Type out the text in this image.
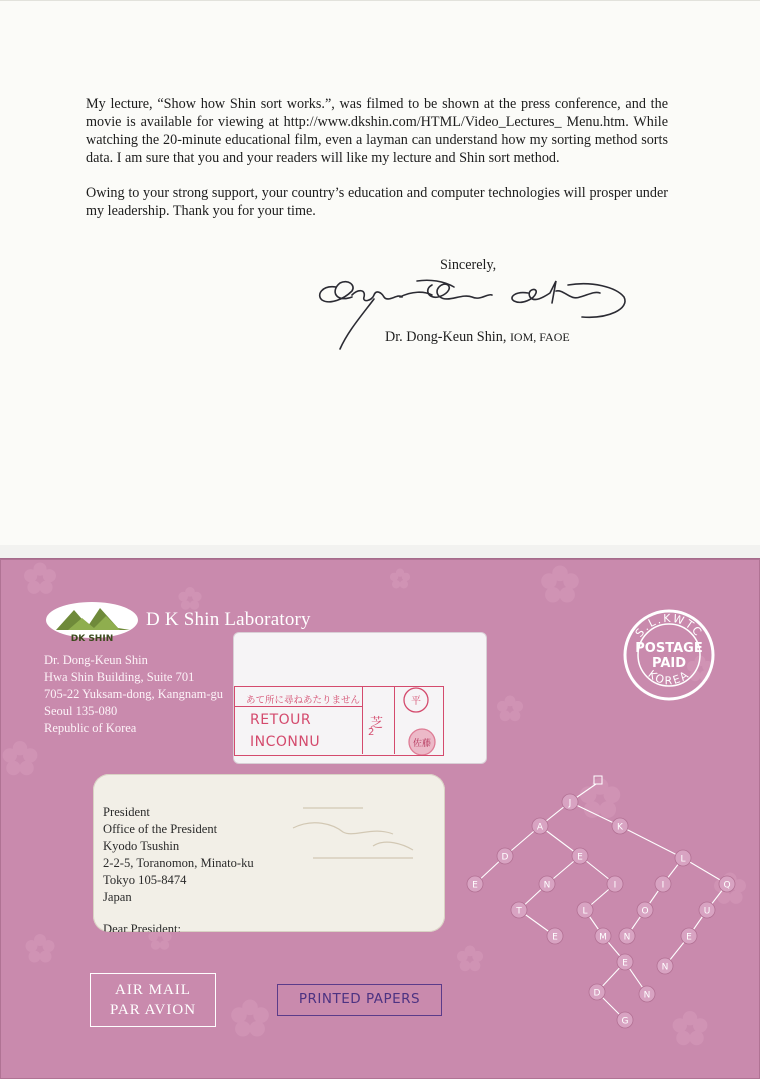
My lecture, “Show how Shin sort works.”, was filmed to be shown at the press conference, and the movie is available for viewing at http://www.dkshin.com/HTML/Video_Lectures_ Menu.htm. While watching the 20-minute educational film, even a layman can understand how my sorting method sorts data. I am sure that you and your readers will like my lecture and Shin sort method.

Owing to your strong support, your country’s education and computer technologies will prosper under my leadership. Thank you for your time.

Sincerely,
Dr. Dong-Keun Shin, IOM, FAOE
DK SHIN
D K Shin Laboratory
Dr. Dong-Keun Shin
Hwa Shin Building, Suite 701
705-22 Yuksam-dong, Kangnam-gu
Seoul 135-080
Republic of Korea
あて所に尋ねあたりません
RETOUR
INCONNU
芝
2
平
佐藤
S.L.KWTC
POSTAGE
PAID
KOREA
President
Office of the President
Kyodo Tsushin
2-2-5, Toranomon, Minato-ku
Tokyo 105-8474
Japan
Dear President:
J
A	K
D	E	L
E	N	I	I	Q
T	L	O	U
E	M N	E
N
E
D	N
G
AIR MAIL
PAR AVION
PRINTED PAPERS
